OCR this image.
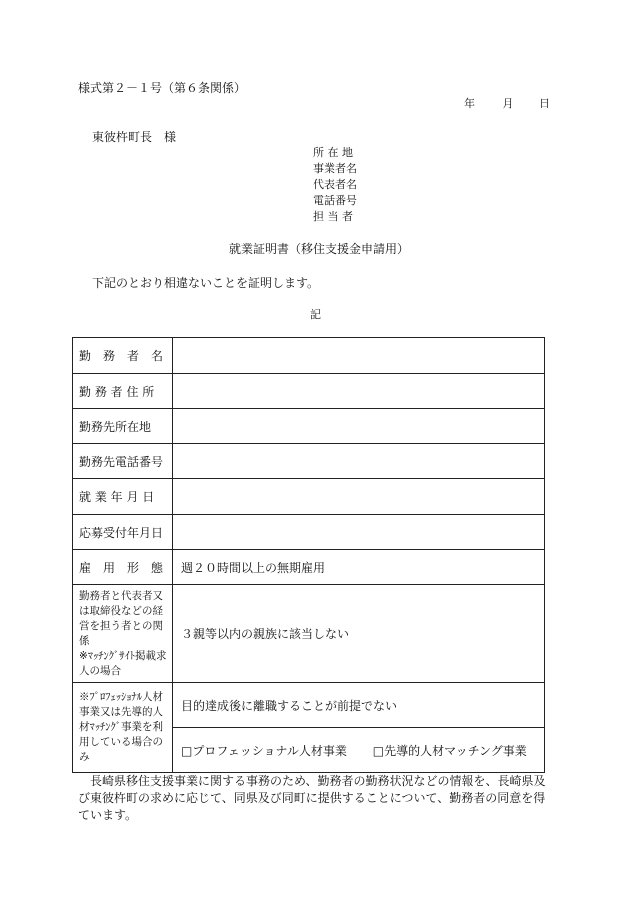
様式第２－１号（第６条関係）
年	月 日
東彼杵町長　様
所 在 地
事業者名
代表者名
電話番号
担 当 者
就業証明書（移住支援金申請用）
下記のとおり相違ないことを証明します。
記
勤　務　者　名	
勤 務 者 住 所	
勤務先所在地	
勤務先電話番号	
就 業 年 月 日	
応募受付年月日	
雇　用　形　態	週２０時間以上の無期雇用
勤務者と代表者又は取締役などの経営を担う者との関係
※ﾏｯﾁﾝｸﾞｻｲﾄ掲載求人の場合	３親等以内の親族に該当しない
※ﾌﾟﾛﾌｪｯｼｮﾅﾙ人材事業又は先導的人材ﾏｯﾁﾝｸﾞ事業を利用している場合のみ	目的達成後に離職することが前提でない
	□プロフェッショナル人材事業 □先導的人材マッチング事業
　長崎県移住支援事業に関する事務のため、勤務者の勤務状況などの情報を、長崎県及び東彼杵町の求めに応じて、同県及び同町に提供することについて、勤務者の同意を得ています。
